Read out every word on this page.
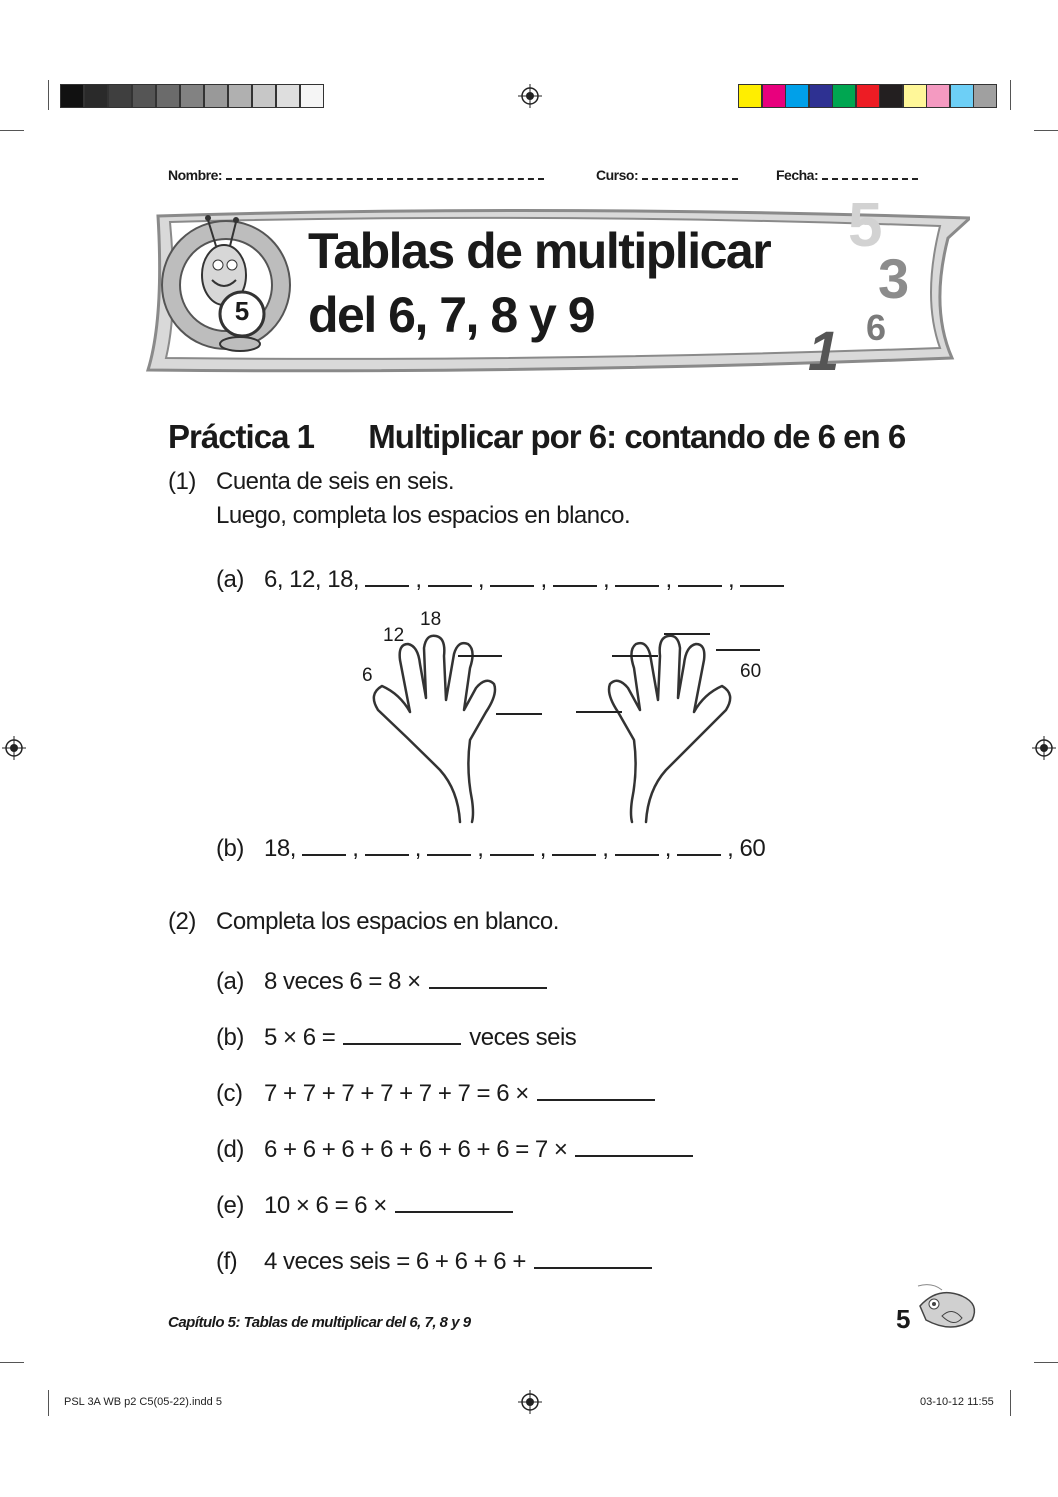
Nombre:	Curso:	Fecha:
5
3
6
1
5
Tablas de multiplicar
del 6, 7, 8 y 9
Práctica 1 Multiplicar por 6: contando de 6 en 6
(1) Cuenta de seis en seis.
Luego, completa los espacios en blanco.
(a) 6, 12, 18,  ,  ,  ,  ,  ,  ,
6
12
18
60
(b) 18,  ,  ,  ,  ,  ,  , , 60
(2) Completa los espacios en blanco.
(a) 8 veces 6 = 8 ×
(b) 5 × 6 =	veces seis
(c) 7 + 7 + 7 + 7 + 7 + 7 = 6 ×
(d) 6 + 6 + 6 + 6 + 6 + 6 + 6 = 7 ×
(e) 10 × 6 = 6 ×
(f) 4 veces seis = 6 + 6 + 6 +
Capítulo 5: Tablas de multiplicar del 6, 7, 8 y 9	5
PSL 3A WB p2 C5(05-22).indd 5	03-10-12 11:55
